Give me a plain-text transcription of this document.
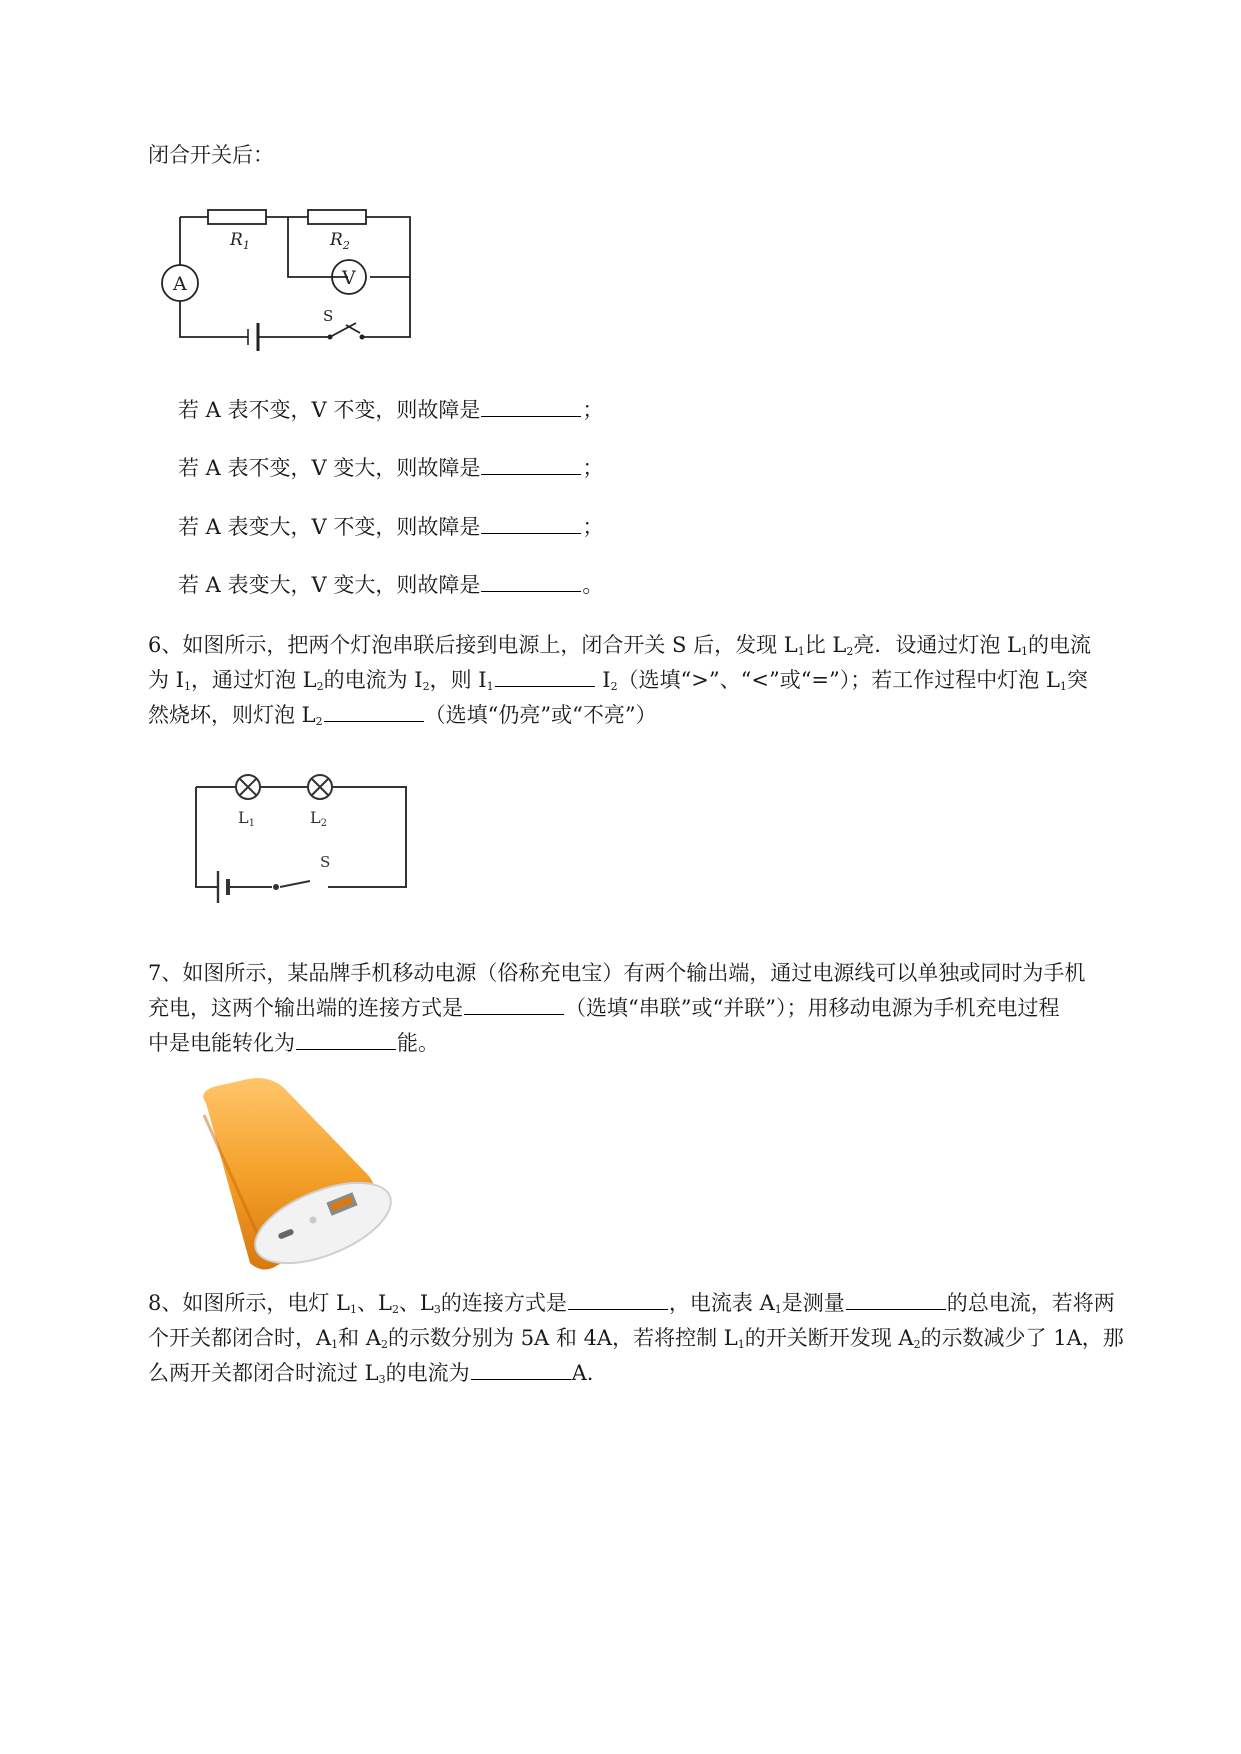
闭合开关后：
$R_1$	$R_2$
A	V
S
若 A 表不变，V 不变，则故障是	；
若 A 表不变，V 变大，则故障是	；
若 A 表变大，V 不变，则故障是	；
若 A 表变大，V 变大，则故障是	。
6、如图所示，把两个灯泡串联后接到电源上，闭合开关 S 后，发现 $L_1$比 $L_2$亮．设通过灯泡 $L_1$的电流
为 $I_1$，通过灯泡 $L_2$的电流为 $I_2$，则 $I_1$	$I_2$（选填“>”、“<”或“=”）；若工作过程中灯泡 $L_1$突
然烧坏，则灯泡 $L_2$	（选填“仍亮”或“不亮”）
L1	L2
S
7、如图所示，某品牌手机移动电源（俗称充电宝）有两个输出端，通过电源线可以单独或同时为手机
充电，这两个输出端的连接方式是	（选填“串联”或“并联”）；用移动电源为手机充电过程
中是电能转化为	能。
8、如图所示，电灯 $L_1$、$L_2$、$L_3$的连接方式是	，电流表 $A_1$是测量	的总电流，若将两
个开关都闭合时，$A_1$和 $A_2$的示数分别为 5A 和 4A，若将控制 $L_1$的开关断开发现 $A_2$的示数减少了 1A，那
么两开关都闭合时流过 $L_3$的电流为	A.
